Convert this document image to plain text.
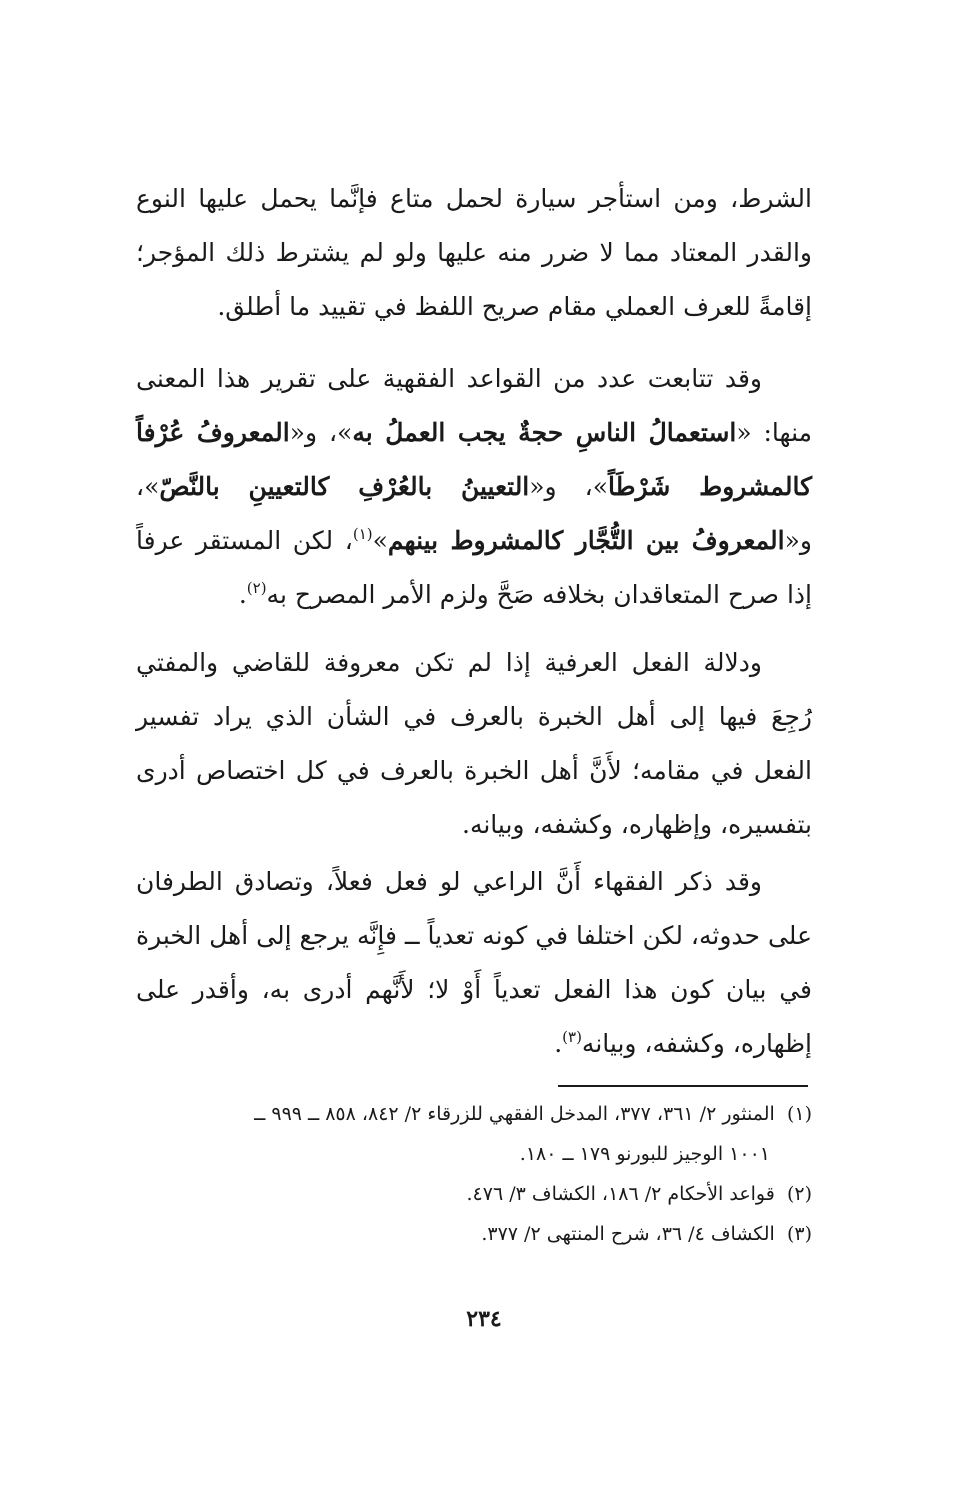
الشرط، ومن استأجر سيارة لحمل متاع فإنَّما يحمل عليها النوع والقدر المعتاد مما لا ضرر منه عليها ولو لم يشترط ذلك المؤجر؛ إقامةً للعرف العملي مقام صريح اللفظ في تقييد ما أطلق.

وقد تتابعت عدد من القواعد الفقهية على تقرير هذا المعنى منها: «استعمالُ الناسِ حجةٌ يجب العملُ به»، و«المعروفُ عُرْفاً كالمشروط شَرْطَاً»، و«التعيينُ بالعُرْفِ كالتعيينِ بالنَّصّ»، و«المعروفُ بين التُّجَّار كالمشروط بينهم»$^{(١)}$، لكن المستقر عرفاً إذا صرح المتعاقدان بخلافه صَحَّ ولزم الأمر المصرح به$^{(٢)}$.

ودلالة الفعل العرفية إذا لم تكن معروفة للقاضي والمفتي رُجِعَ فيها إلى أهل الخبرة بالعرف في الشأن الذي يراد تفسير الفعل في مقامه؛ لأَنَّ أهل الخبرة بالعرف في كل اختصاص أدرى بتفسيره، وإظهاره، وكشفه، وبيانه.

وقد ذكر الفقهاء أَنَّ الراعي لو فعل فعلاً، وتصادق الطرفان على حدوثه، لكن اختلفا في كونه تعدياً ــ فإِنَّه يرجع إلى أهل الخبرة في بيان كون هذا الفعل تعدياً أَوْ لا؛ لأَنَّهم أدرى به، وأقدر على إظهاره، وكشفه، وبيانه$^{(٣)}$.

(١)  المنثور ٢/ ٣٦١، ٣٧٧، المدخل الفقهي للزرقاء ٢/ ٨٤٢، ٨٥٨ ــ ٩٩٩ ــ

١٠٠١ الوجيز للبورنو ١٧٩ ــ ١٨٠.

(٢)  قواعد الأحكام ٢/ ١٨٦، الكشاف ٣/ ٤٧٦.

(٣)  الكشاف ٤/ ٣٦، شرح المنتهى ٢/ ٣٧٧.

٢٣٤
